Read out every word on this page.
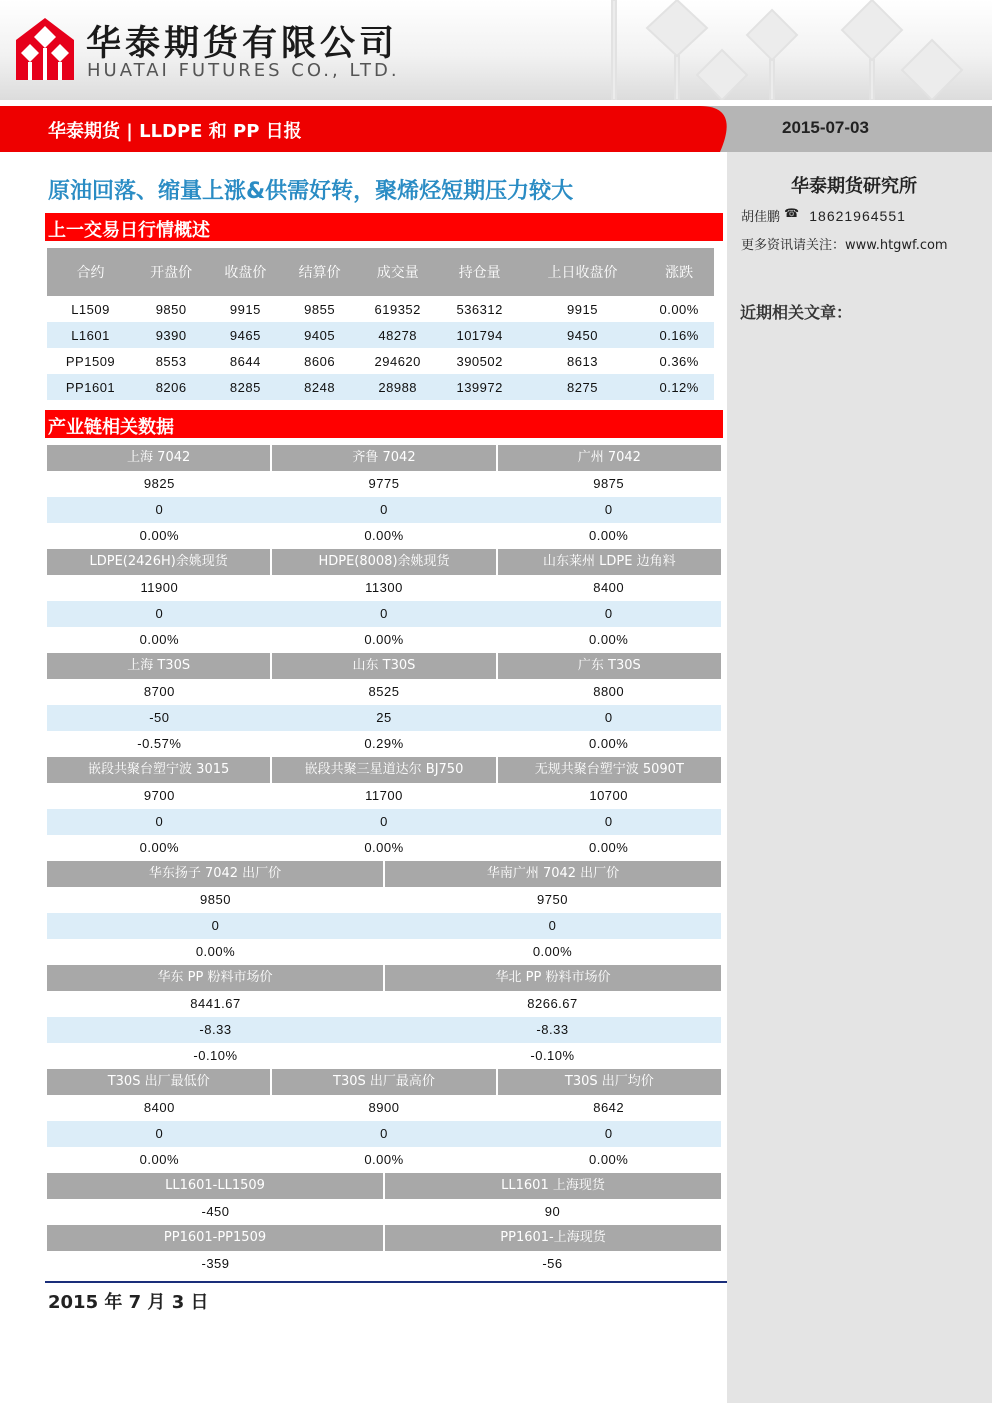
华泰期货有限公司
HUATAI FUTURES CO., LTD.
华泰期货 | LLDPE 和 PP 日报	2015-07-03
华泰期货研究所
胡佳鹏 ☎ 18621964551
更多资讯请关注：www.htgwf.com
近期相关文章：
原油回落、缩量上涨&供需好转，聚烯烃短期压力较大
上一交易日行情概述
合约	开盘价	收盘价	结算价	成交量	持仓量	上日收盘价	涨跌
L1509	9850	9915	9855	619352	536312	9915	0.00%
L1601	9390	9465	9405	48278	101794	9450	0.16%
PP1509	8553	8644	8606	294620	390502	8613	0.36%
PP1601	8206	8285	8248	28988	139972	8275	0.12%
产业链相关数据
上海 7042	齐鲁 7042	广州 7042
9825	9775	9875
0	0	0
0.00%	0.00%	0.00%
LDPE(2426H)余姚现货	HDPE(8008)余姚现货	山东莱州 LDPE 边角料
11900	11300	8400
0	0	0
0.00%	0.00%	0.00%
上海 T30S	山东 T30S	广东 T30S
8700	8525	8800
-50	25	0
-0.57%	0.29%	0.00%
嵌段共聚台塑宁波 3015	嵌段共聚三星道达尔 BJ750	无规共聚台塑宁波 5090T
9700	11700	10700
0	0	0
0.00%	0.00%	0.00%
华东扬子 7042 出厂价	华南广州 7042 出厂价
9850	9750
0	0
0.00%	0.00%
华东 PP 粉料市场价	华北 PP 粉料市场价
8441.67	8266.67
-8.33	-8.33
-0.10%	-0.10%
T30S 出厂最低价	T30S 出厂最高价	T30S 出厂均价
8400	8900	8642
0	0	0
0.00%	0.00%	0.00%
LL1601-LL1509	LL1601 上海现货
-450	90
PP1601-PP1509	PP1601-上海现货
-359	-56
2015 年 7 月 3 日
